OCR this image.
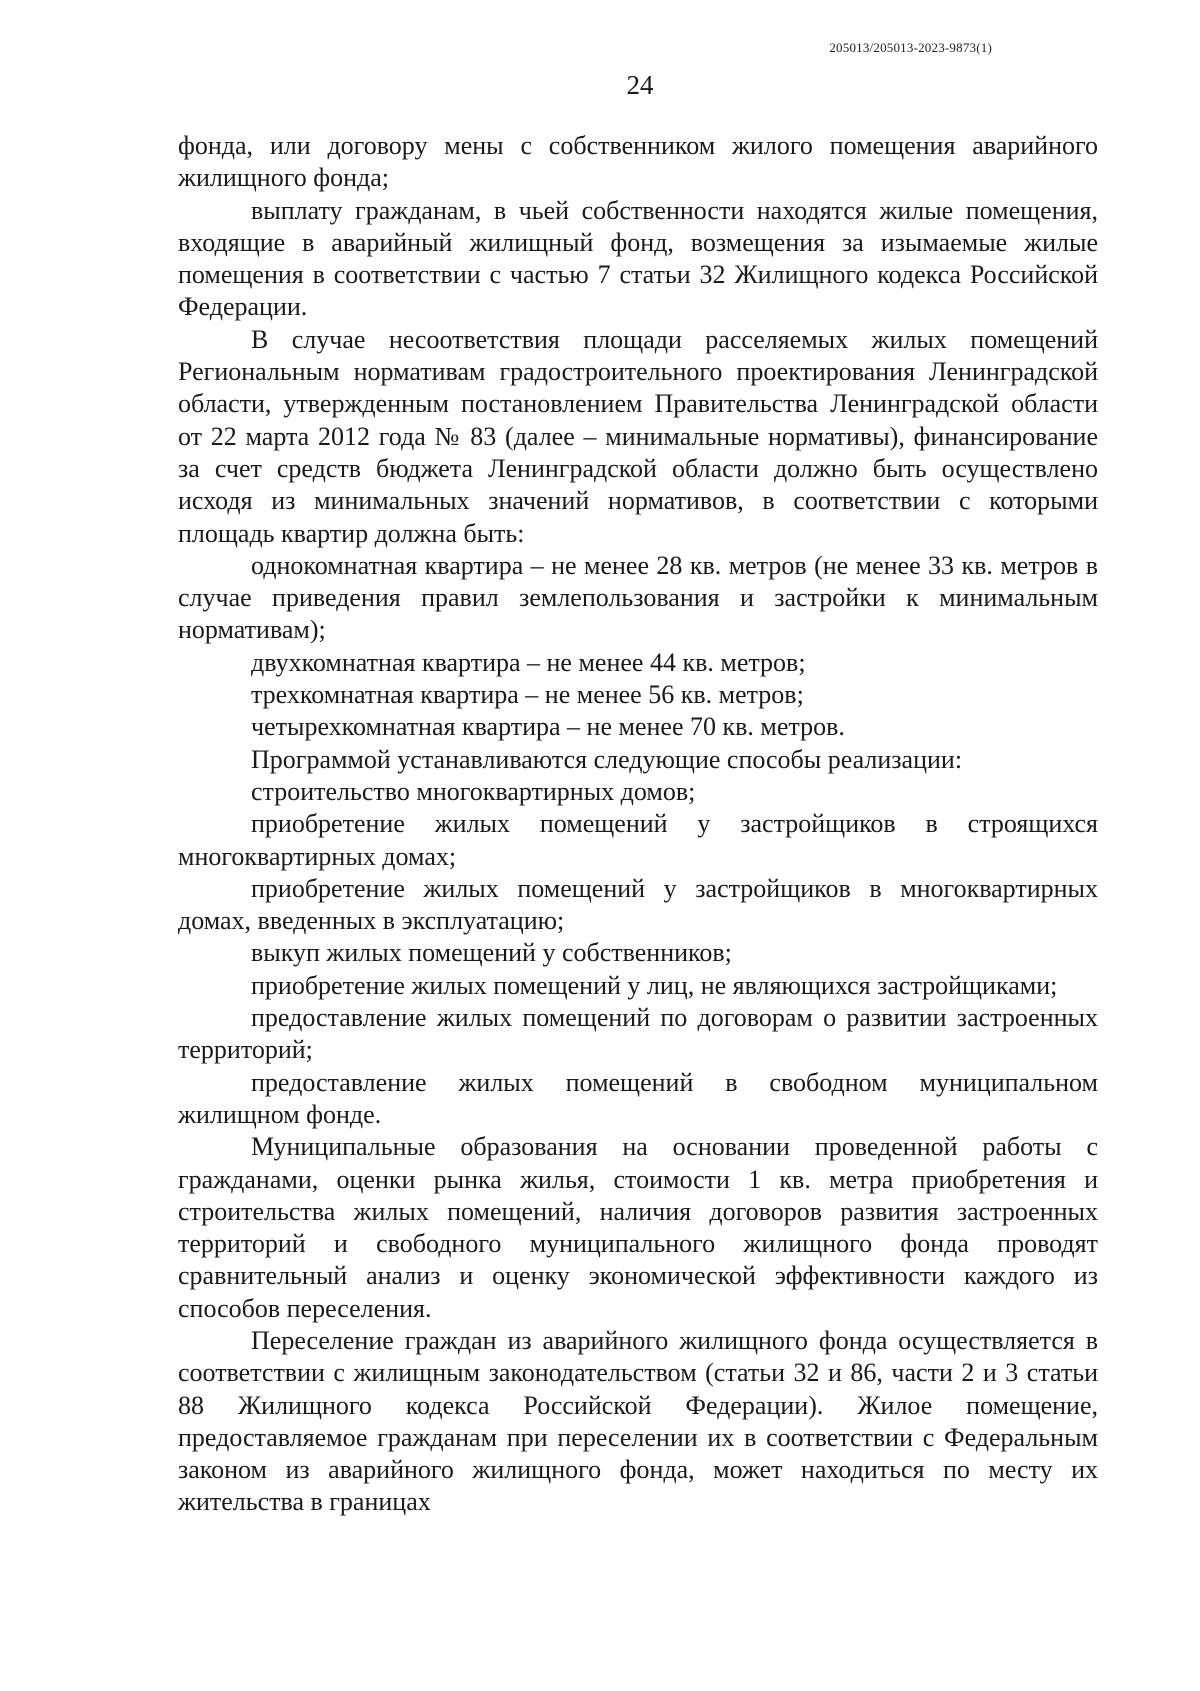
205013/205013-2023-9873(1)
24

фонда, или договору мены с собственником жилого помещения аварийного жилищного фонда;

выплату гражданам, в чьей собственности находятся жилые помещения, входящие в аварийный жилищный фонд, возмещения за изымаемые жилые помещения в соответствии с частью 7 статьи 32 Жилищного кодекса Российской Федерации.

В случае несоответствия площади расселяемых жилых помещений Региональным нормативам градостроительного проектирования Ленинградской области, утвержденным постановлением Правительства Ленинградской области от 22 марта 2012 года № 83 (далее – минимальные нормативы), финансирование за счет средств бюджета Ленинградской области должно быть осуществлено исходя из минимальных значений нормативов, в соответствии с которыми площадь квартир должна быть:

однокомнатная квартира – не менее 28 кв. метров (не менее 33 кв. метров в случае приведения правил землепользования и застройки к минимальным нормативам);

двухкомнатная квартира – не менее 44 кв. метров;

трехкомнатная квартира – не менее 56 кв. метров;

четырехкомнатная квартира – не менее 70 кв. метров.

Программой устанавливаются следующие способы реализации:

строительство многоквартирных домов;

приобретение жилых помещений у застройщиков в строящихся многоквартирных домах;

приобретение жилых помещений у застройщиков в многоквартирных домах, введенных в эксплуатацию;

выкуп жилых помещений у собственников;

приобретение жилых помещений у лиц, не являющихся застройщиками;

предоставление жилых помещений по договорам о развитии застроенных территорий;

предоставление жилых помещений в свободном муниципальном жилищном фонде.

Муниципальные образования на основании проведенной работы с гражданами, оценки рынка жилья, стоимости 1 кв. метра приобретения и строительства жилых помещений, наличия договоров развития застроенных территорий и свободного муниципального жилищного фонда проводят сравнительный анализ и оценку экономической эффективности каждого из способов переселения.

Переселение граждан из аварийного жилищного фонда осуществляется в соответствии с жилищным законодательством (статьи 32 и 86, части 2 и 3 статьи 88 Жилищного кодекса Российской Федерации). Жилое помещение, предоставляемое гражданам при переселении их в соответствии с Федеральным законом из аварийного жилищного фонда, может находиться по месту их жительства в границах
